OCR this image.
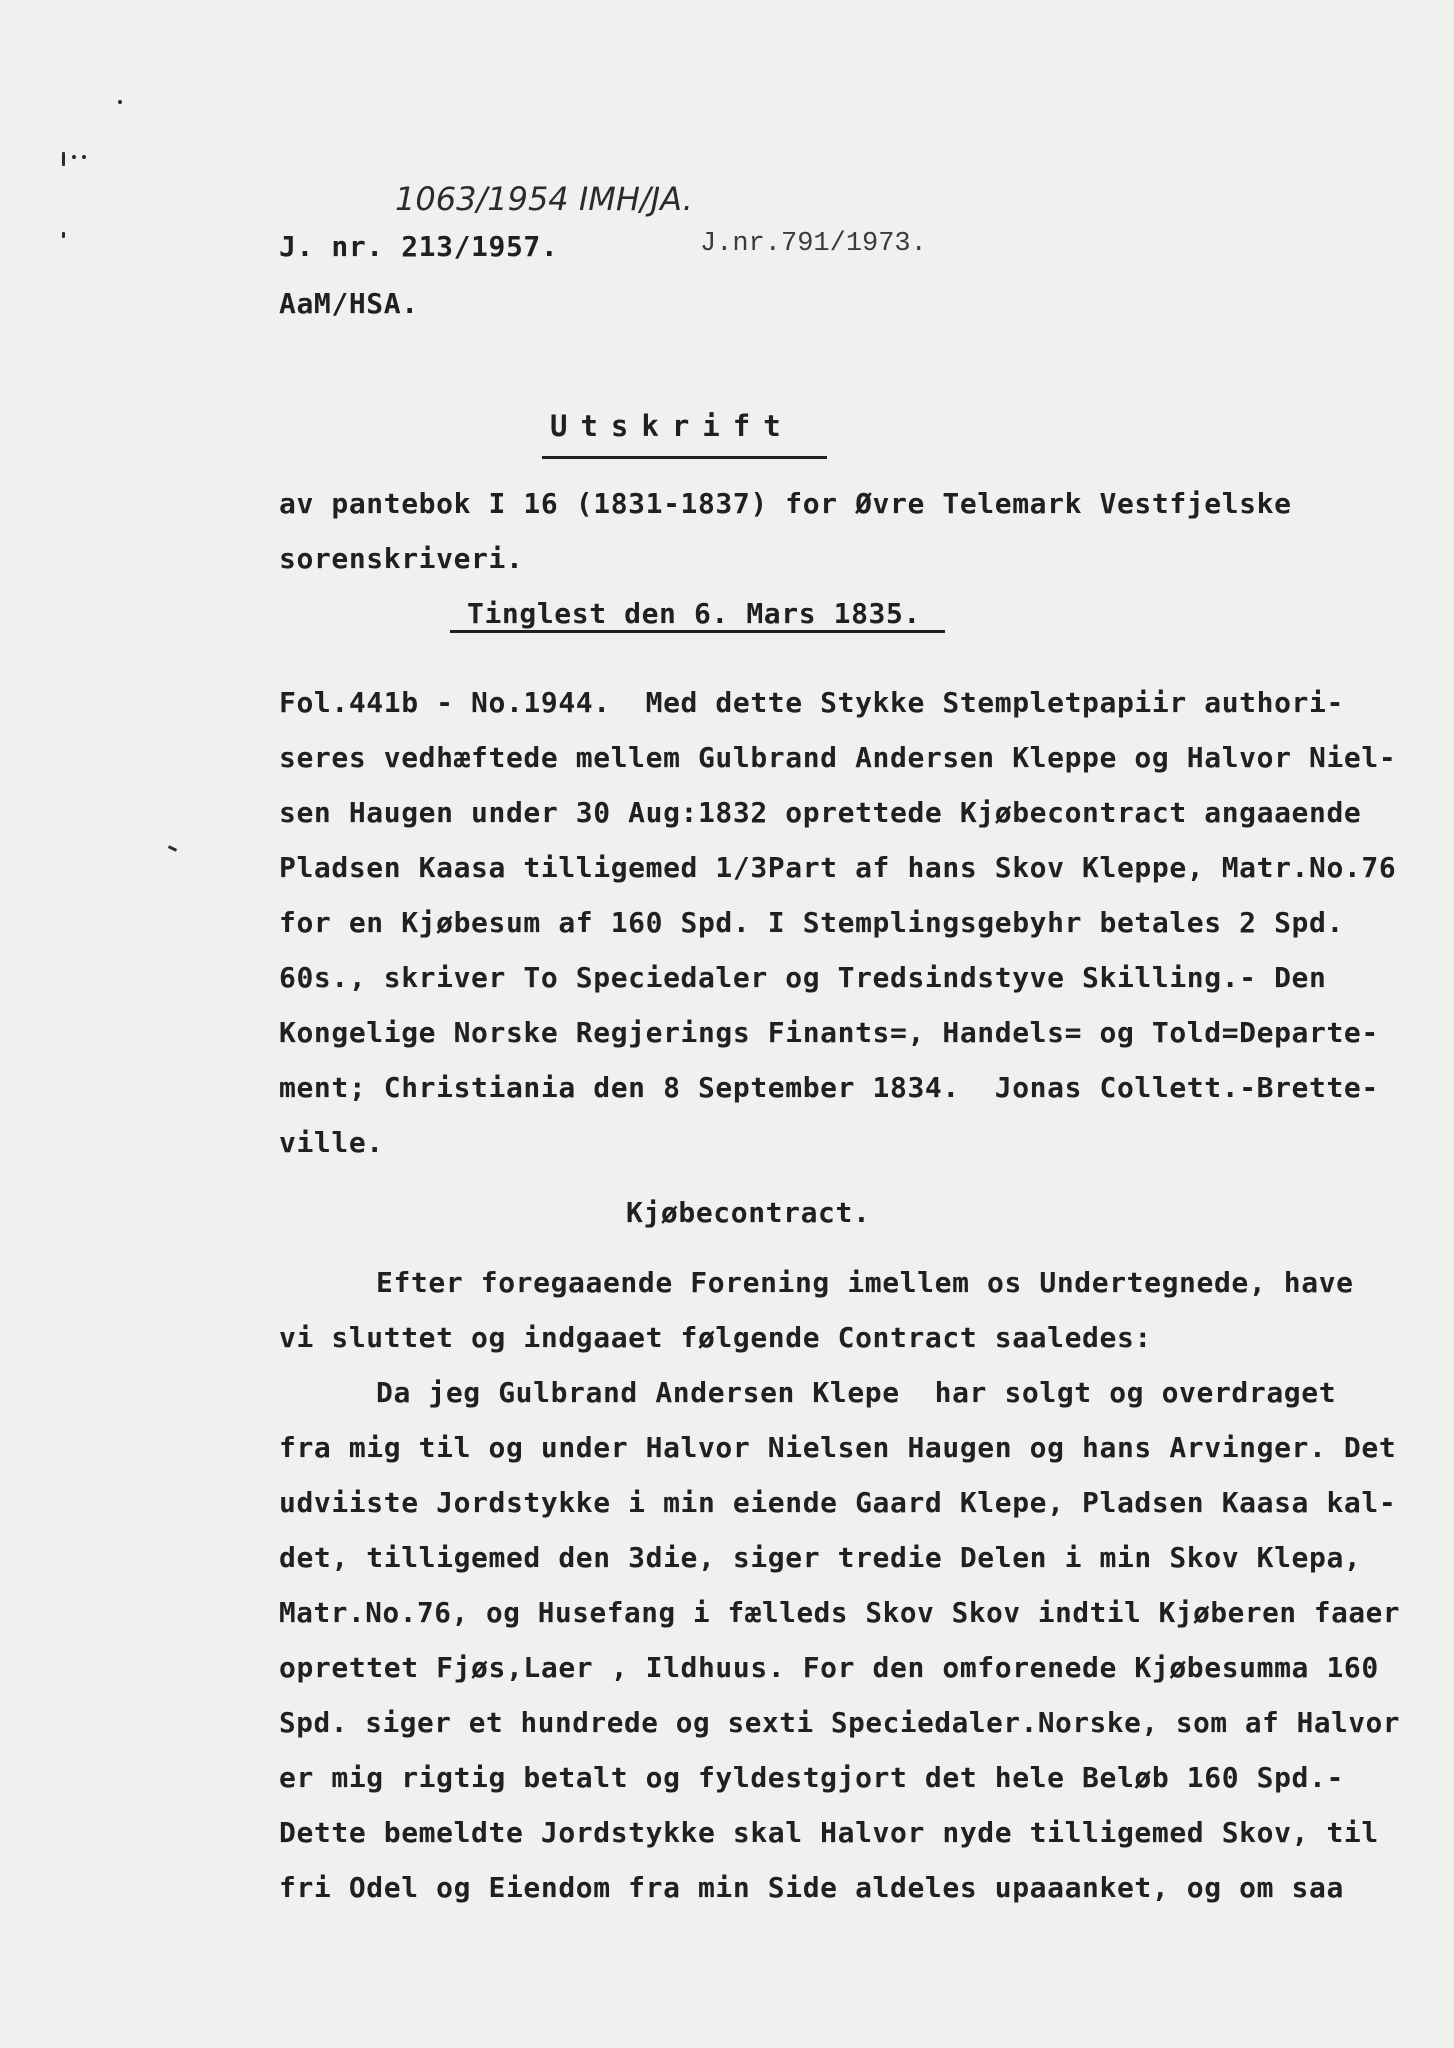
1063/1954 IMH/JA.
J. nr. 213/1957.	J.nr.791/1973.
AaM/HSA.
Utskrift
av pantebok I 16 (1831-1837) for Øvre Telemark Vestfjelske
sorenskriveri.
Tinglest den 6. Mars 1835.
Fol.441b - No.1944.  Med dette Stykke Stempletpapiir authori-
seres vedhæftede mellem Gulbrand Andersen Kleppe og Halvor Niel-
sen Haugen under 30 Aug:1832 oprettede Kjøbecontract angaaende
Pladsen Kaasa tilligemed 1/3Part af hans Skov Kleppe, Matr.No.76
for en Kjøbesum af 160 Spd. I Stemplingsgebyhr betales 2 Spd.
60s., skriver To Speciedaler og Tredsindstyve Skilling.- Den
Kongelige Norske Regjerings Finants=, Handels= og Told=Departe-
ment; Christiania den 8 September 1834.  Jonas Collett.-Brette-
ville.
Kjøbecontract.
Efter foregaaende Forening imellem os Undertegnede, have
vi sluttet og indgaaet følgende Contract saaledes:
Da jeg Gulbrand Andersen Klepe  har solgt og overdraget
fra mig til og under Halvor Nielsen Haugen og hans Arvinger. Det
udviiste Jordstykke i min eiende Gaard Klepe, Pladsen Kaasa kal-
det, tilligemed den 3die, siger tredie Delen i min Skov Klepa,
Matr.No.76, og Husefang i fælleds Skov Skov indtil Kjøberen faaer
oprettet Fjøs,Laer , Ildhuus. For den omforenede Kjøbesumma 160
Spd. siger et hundrede og sexti Speciedaler.Norske, som af Halvor
er mig rigtig betalt og fyldestgjort det hele Beløb 160 Spd.-
Dette bemeldte Jordstykke skal Halvor nyde tilligemed Skov, til
fri Odel og Eiendom fra min Side aldeles upaaanket, og om saa
